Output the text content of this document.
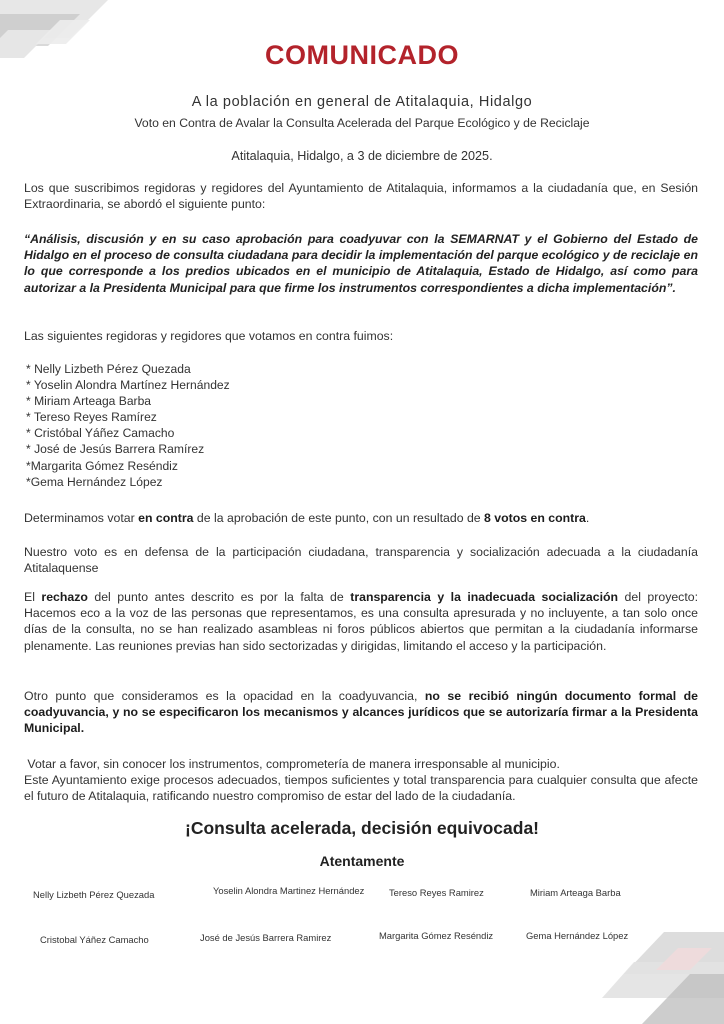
COMUNICADO
A la población en general de Atitalaquia, Hidalgo
Voto en Contra de Avalar la Consulta Acelerada del Parque Ecológico y de Reciclaje
Atitalaquia, Hidalgo, a 3 de diciembre de 2025.

Los que suscribimos regidoras y regidores del Ayuntamiento de Atitalaquia, informamos a la ciudadanía que, en Sesión Extraordinaria, se abordó el siguiente punto:

“Análisis, discusión y en su caso aprobación para coadyuvar con la SEMARNAT y el Gobierno del Estado de Hidalgo en el proceso de consulta ciudadana para decidir la implementación del parque ecológico y de reciclaje en lo que corresponde a los predios ubicados en el municipio de Atitalaquia, Estado de Hidalgo, así como para autorizar a la Presidenta Municipal para que firme los instrumentos correspondientes a dicha implementación”.

Las siguientes regidoras y regidores que votamos en contra fuimos:

* Nelly Lizbeth Pérez Quezada
* Yoselin Alondra Martínez Hernández
* Miriam Arteaga Barba
* Tereso Reyes Ramírez
* Cristóbal Yáñez Camacho
* José de Jesús Barrera Ramírez
*Margarita Gómez Reséndiz
*Gema Hernández López

Determinamos votar en contra de la aprobación de este punto, con un resultado de 8 votos en contra.

Nuestro voto es en defensa de la participación ciudadana, transparencia y socialización adecuada a la ciudadanía Atitalaquense

El rechazo del punto antes descrito es por la falta de transparencia y la inadecuada socialización del proyecto: Hacemos eco a la voz de las personas que representamos, es una consulta apresurada y no incluyente, a tan solo once días de la consulta, no se han realizado asambleas ni foros públicos abiertos que permitan a la ciudadanía informarse plenamente. Las reuniones previas han sido sectorizadas y dirigidas, limitando el acceso y la participación.

Otro punto que consideramos es la opacidad en la coadyuvancia, no se recibió ningún documento formal de coadyuvancia, y no se especificaron los mecanismos y alcances jurídicos que se autorizaría firmar a la Presidenta Municipal.

Votar a favor, sin conocer los instrumentos, comprometería de manera irresponsable al municipio.

Este Ayuntamiento exige procesos adecuados, tiempos suficientes y total transparencia para cualquier consulta que afecte el futuro de Atitalaquia, ratificando nuestro compromiso de estar del lado de la ciudadanía.

¡Consulta acelerada, decisión equivocada!
Atentamente
Nelly Lizbeth Pérez Quezada	Yoselin Alondra Martinez Hernández	Tereso Reyes Ramirez	Miriam Arteaga Barba
Cristobal Yáñez Camacho	José de Jesús Barrera Ramirez	Margarita Gómez Reséndiz	Gema Hernández López
